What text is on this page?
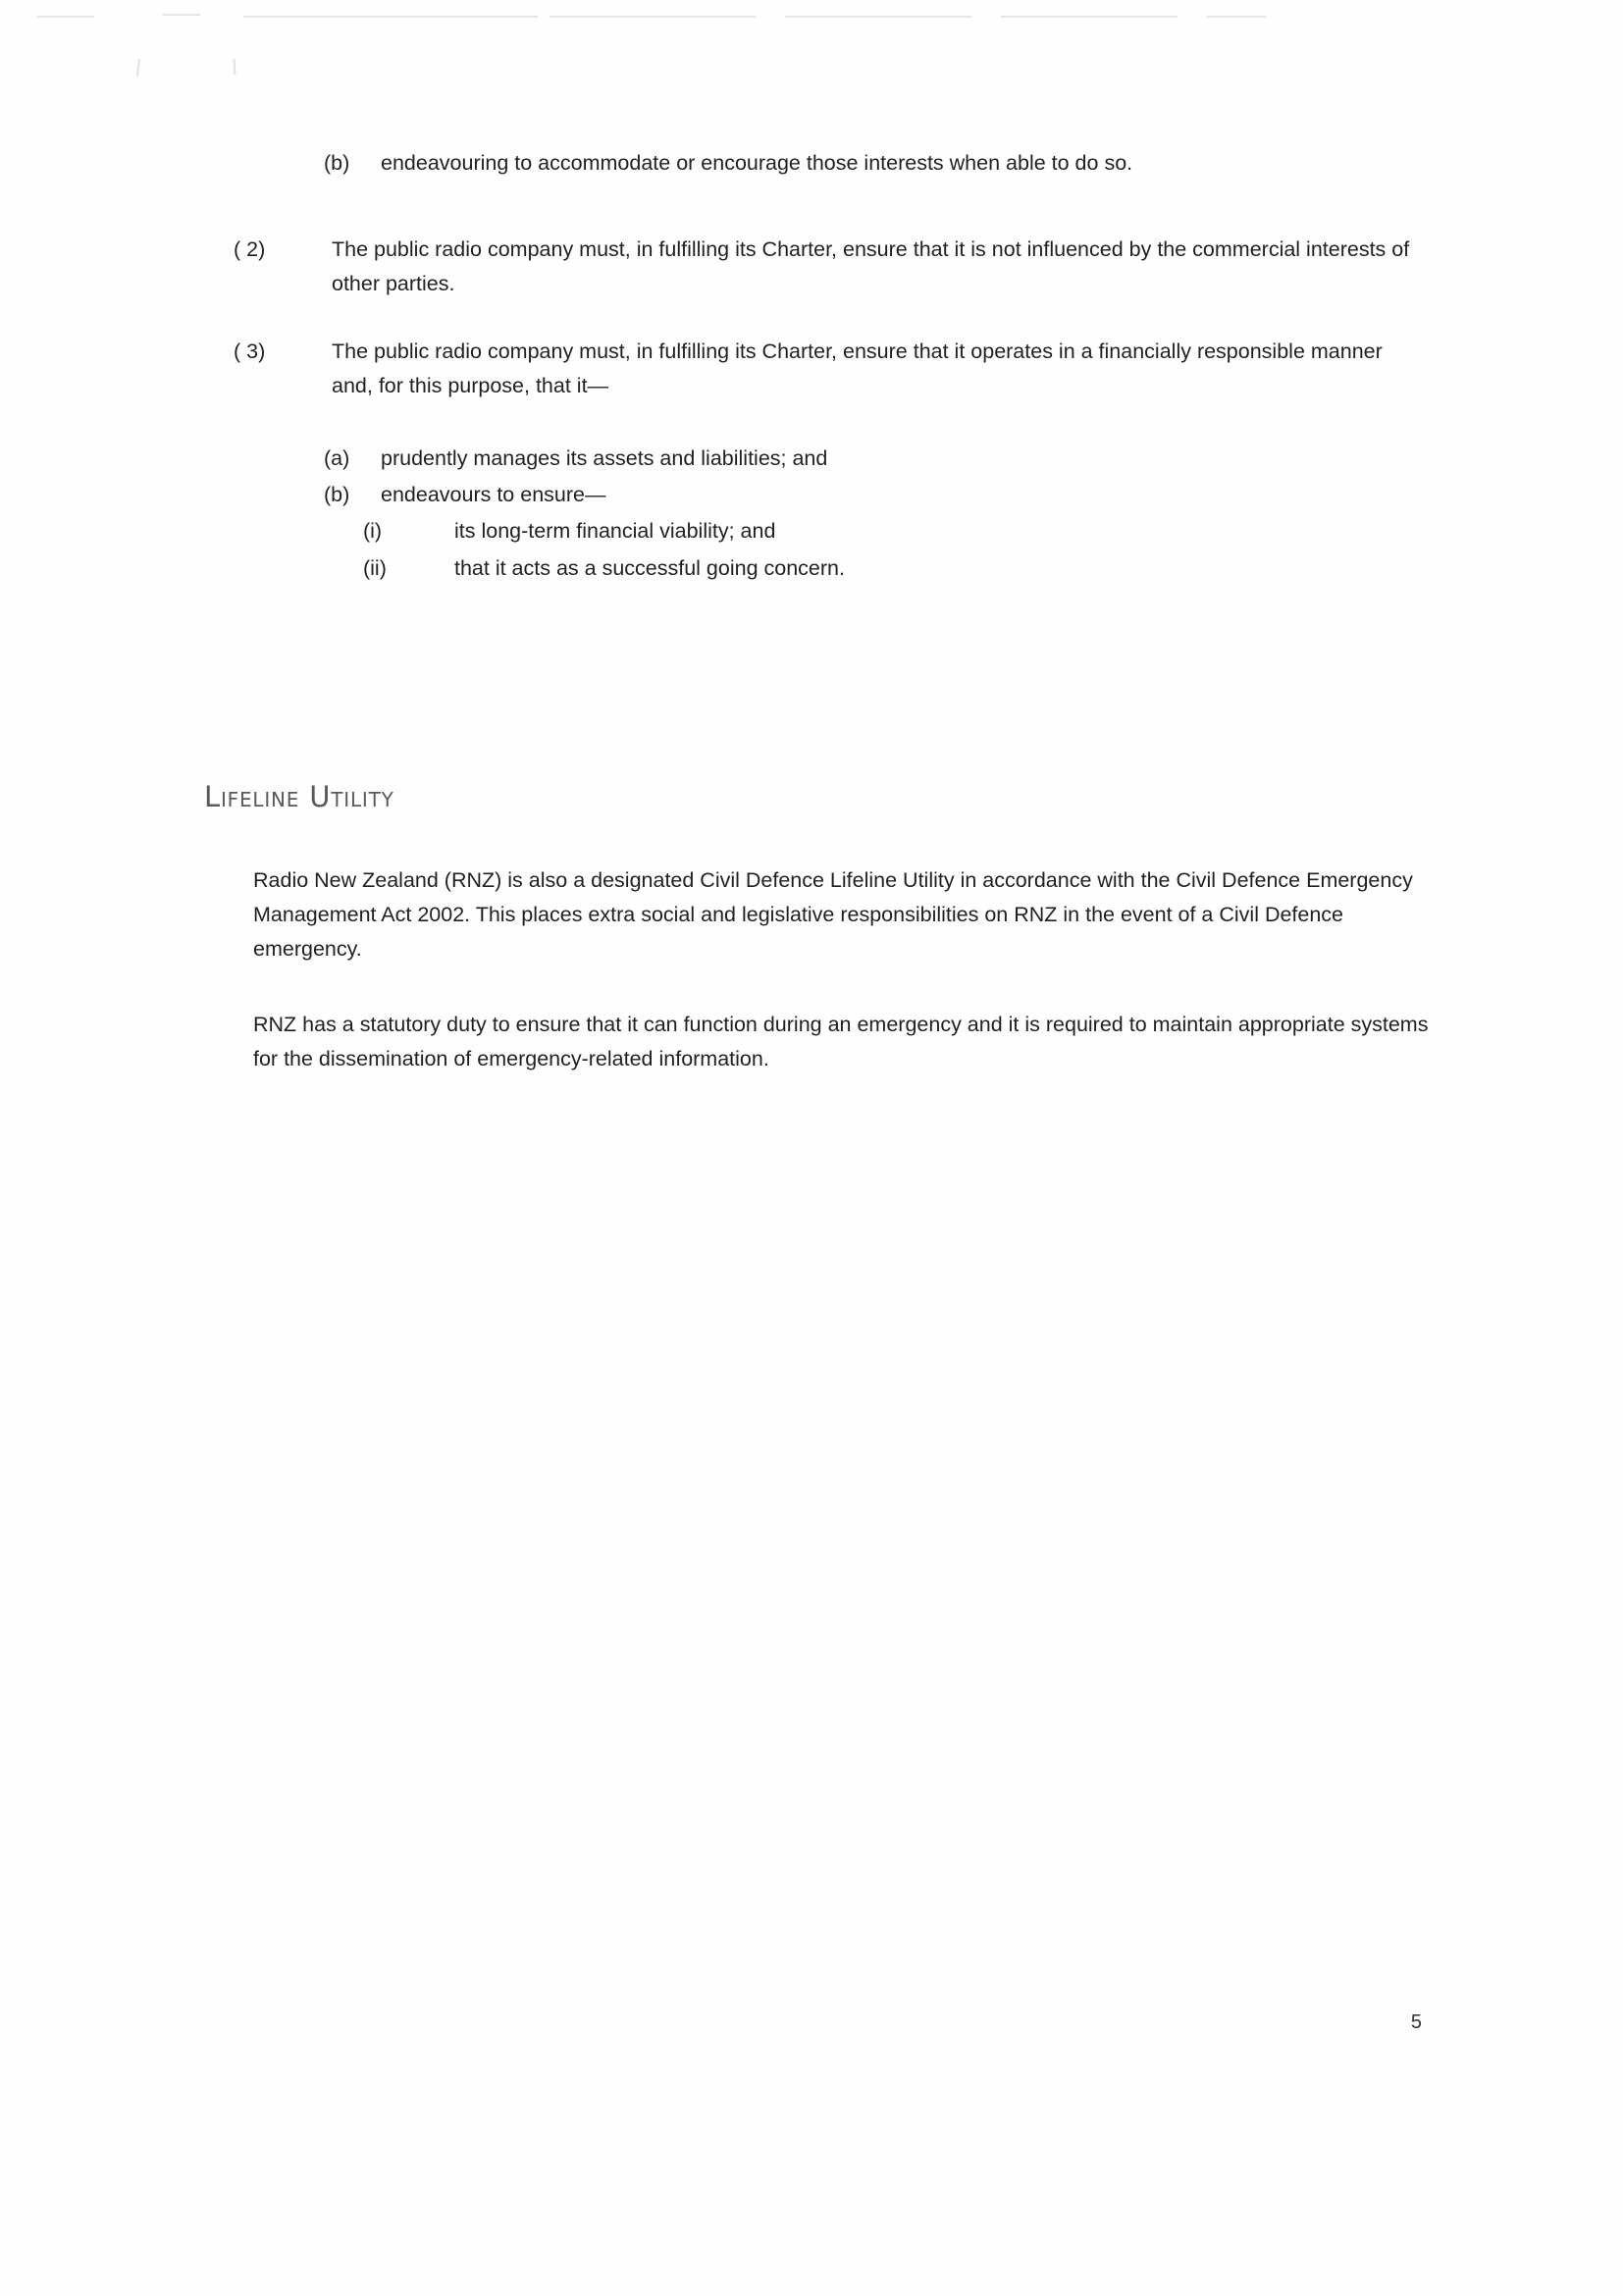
(b)	endeavouring to accommodate or encourage those interests when able to do so.
( 2)	The public radio company must, in fulfilling its Charter, ensure that it is not influenced by the commercial interests of other parties.
( 3)	The public radio company must, in fulfilling its Charter, ensure that it operates in a financially responsible manner and, for this purpose, that it—
(a)	prudently manages its assets and liabilities; and
(b)	endeavours to ensure—
(i)	its long-term financial viability; and
(ii)	that it acts as a successful going concern.
Lifeline Utility
Radio New Zealand (RNZ) is also a designated Civil Defence Lifeline Utility in accordance with the Civil Defence Emergency Management Act 2002. This places extra social and legislative responsibilities on RNZ in the event of a Civil Defence emergency.
RNZ has a statutory duty to ensure that it can function during an emergency and it is required to maintain appropriate systems for the dissemination of emergency-related information.
5
